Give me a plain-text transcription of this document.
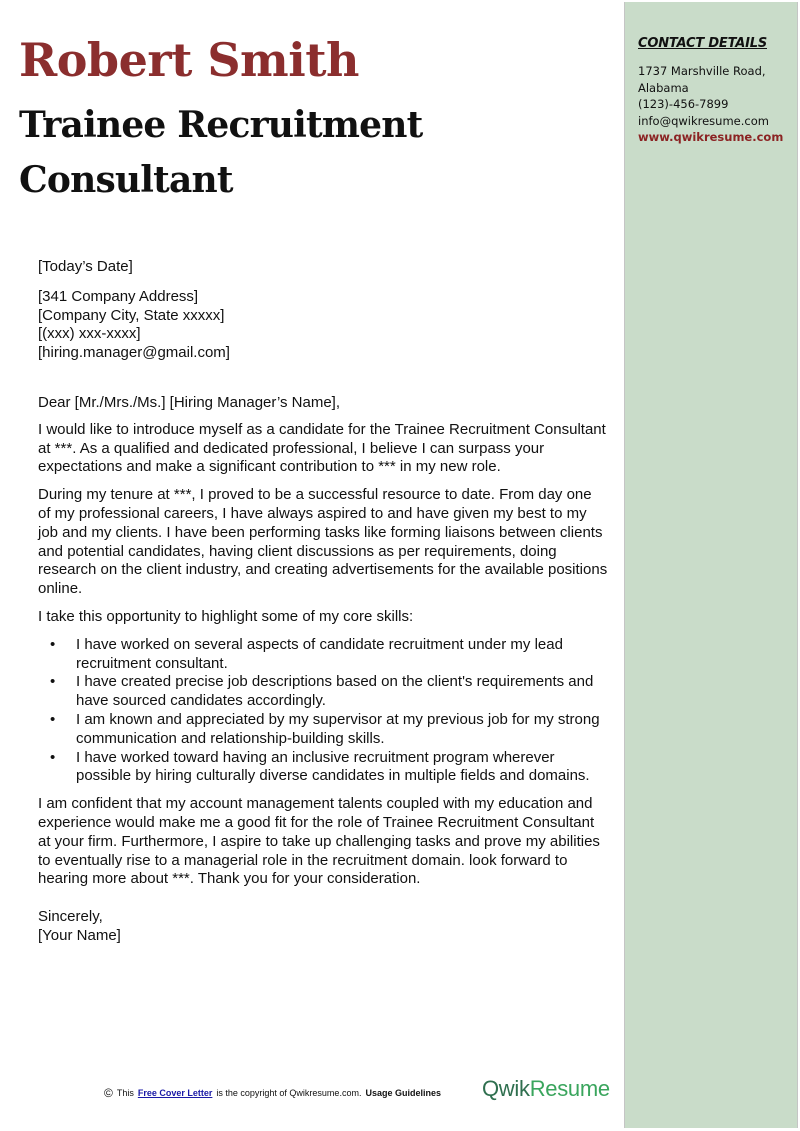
CONTACT DETAILS
1737 Marshville Road,
Alabama
(123)-456-7899
info@qwikresume.com
www.qwikresume.com
Robert Smith
Trainee Recruitment Consultant

[Today’s Date]

[341 Company Address]

[Company City, State xxxxx]

[(xxx) xxx-xxxx]

[hiring.manager@gmail.com]

Dear [Mr./Mrs./Ms.] [Hiring Manager’s Name],

I would like to introduce myself as a candidate for the Trainee Recruitment Consultant at ***. As a qualified and dedicated professional, I believe I can surpass your expectations and make a significant contribution to *** in my new role.

During my tenure at ***, I proved to be a successful resource to date. From day one of my professional careers, I have always aspired to and have given my best to my job and my clients. I have been performing tasks like forming liaisons between clients and potential candidates, having client discussions as per requirements, doing research on the client industry, and creating advertisements for the available positions online.

I take this opportunity to highlight some of my core skills:

• I have worked on several aspects of candidate recruitment under my lead recruitment consultant.
• I have created precise job descriptions based on the client's requirements and have sourced candidates accordingly.
• I am known and appreciated by my supervisor at my previous job for my strong communication and relationship-building skills.
• I have worked toward having an inclusive recruitment program wherever possible by hiring culturally diverse candidates in multiple fields and domains.

I am confident that my account management talents coupled with my education and experience would make me a good fit for the role of Trainee Recruitment Consultant at your firm. Furthermore, I aspire to take up challenging tasks and prove my abilities to eventually rise to a managerial role in the recruitment domain. look forward to hearing more about ***. Thank you for your consideration.

Sincerely,

[Your Name]

© This Free Cover Letter is the copyright of Qwikresume.com. Usage Guidelines QwikResume
